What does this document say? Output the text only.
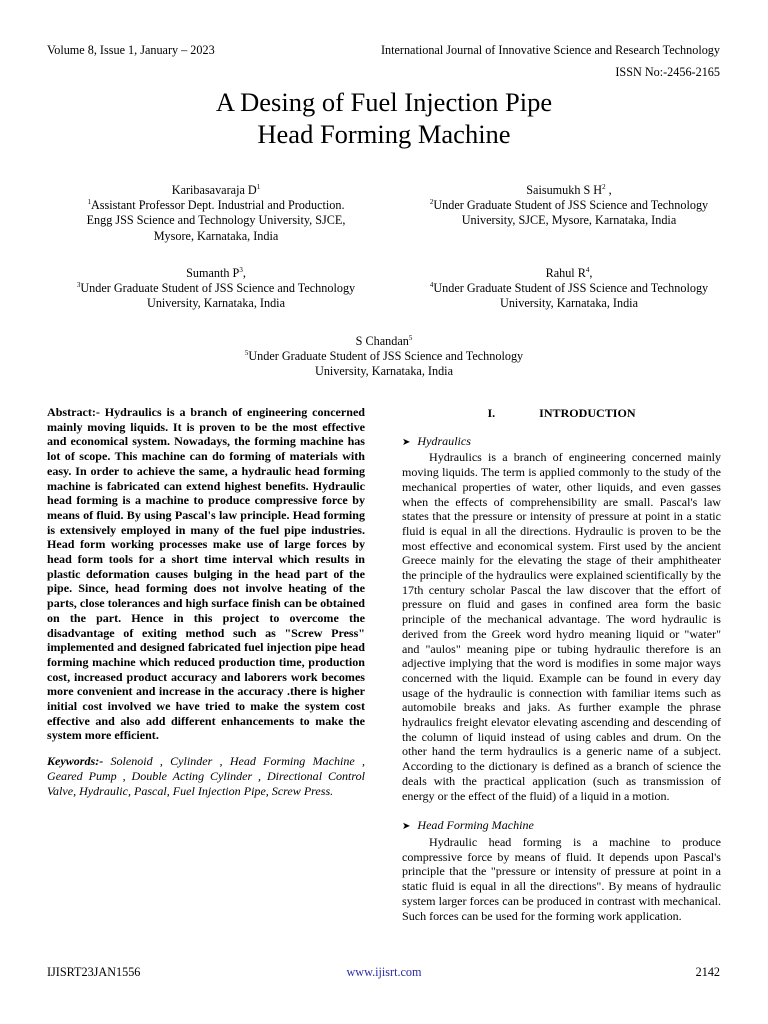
Volume 8, Issue 1, January – 2023	International Journal of Innovative Science and Research Technology
ISSN No:-2456-2165
A Desing of Fuel Injection Pipe
Head Forming Machine
Karibasavaraja $D^1$
$^1$Assistant Professor Dept. Industrial and Production.
Engg JSS Science and Technology University, SJCE,
Mysore, Karnataka, India
Saisumukh S $H^2$ ,
$^2$Under Graduate Student of JSS Science and Technology
University, SJCE, Mysore, Karnataka, India
Sumanth $P^3$,
$^3$Under Graduate Student of JSS Science and Technology
University, Karnataka, India
Rahul $R^4$,
$^4$Under Graduate Student of JSS Science and Technology
University, Karnataka, India
S Chandan$^5$
$^5$Under Graduate Student of JSS Science and Technology
University, Karnataka, India

Abstract:- Hydraulics is a branch of engineering concerned mainly moving liquids. It is proven to be the most effective and economical system. Nowadays, the forming machine has lot of scope. This machine can do forming of materials with easy. In order to achieve the same, a hydraulic head forming machine is fabricated can extend highest benefits. Hydraulic head forming is a machine to produce compressive force by means of fluid. By using Pascal's law principle. Head forming is extensively employed in many of the fuel pipe industries. Head form working processes make use of large forces by head form tools for a short time interval which results in plastic deformation causes bulging in the head part of the pipe. Since, head forming does not involve heating of the parts, close tolerances and high surface finish can be obtained on the part. Hence in this project to overcome the disadvantage of exiting method such as "Screw Press" implemented and designed fabricated fuel injection pipe head forming machine which reduced production time, production cost, increased product accuracy and laborers work becomes more convenient and increase in the accuracy .there is higher initial cost involved we have tried to make the system cost effective and also add different enhancements to make the system more efficient.

Keywords:- Solenoid , Cylinder , Head Forming Machine , Geared Pump , Double Acting Cylinder , Directional Control Valve, Hydraulic, Pascal, Fuel Injection Pipe, Screw Press.

I.	INTRODUCTION
➤ Hydraulics

Hydraulics is a branch of engineering concerned mainly moving liquids. The term is applied commonly to the study of the mechanical properties of water, other liquids, and even gasses when the effects of comprehensibility are small. Pascal's law states that the pressure or intensity of pressure at point in a static fluid is equal in all the directions. Hydraulic is proven to be the most effective and economical system. First used by the ancient Greece mainly for the elevating the stage of their amphitheater the principle of the hydraulics were explained scientifically by the 17th century scholar Pascal the law discover that the effort of pressure on fluid and gases in confined area form the basic principle of the mechanical advantage. The word hydraulic is derived from the Greek word hydro meaning liquid or "water" and "aulos" meaning pipe or tubing hydraulic therefore is an adjective implying that the word is modifies in some major ways concerned with the liquid. Example can be found in every day usage of the hydraulic is connection with familiar items such as automobile breaks and jaks. As further example the phrase hydraulics freight elevator elevating ascending and descending of the column of liquid instead of using cables and drum. On the other hand the term hydraulics is a generic name of a subject. According to the dictionary is defined as a branch of science the deals with the practical application (such as transmission of energy or the effect of the fluid) of a liquid in a motion.

➤ Head Forming Machine

Hydraulic head forming is a machine to produce compressive force by means of fluid. It depends upon Pascal's principle that the "pressure or intensity of pressure at point in a static fluid is equal in all the directions". By means of hydraulic system larger forces can be produced in contrast with mechanical. Such forces can be used for the forming work application.

IJISRT23JAN1556	www.ijisrt.com	2142
